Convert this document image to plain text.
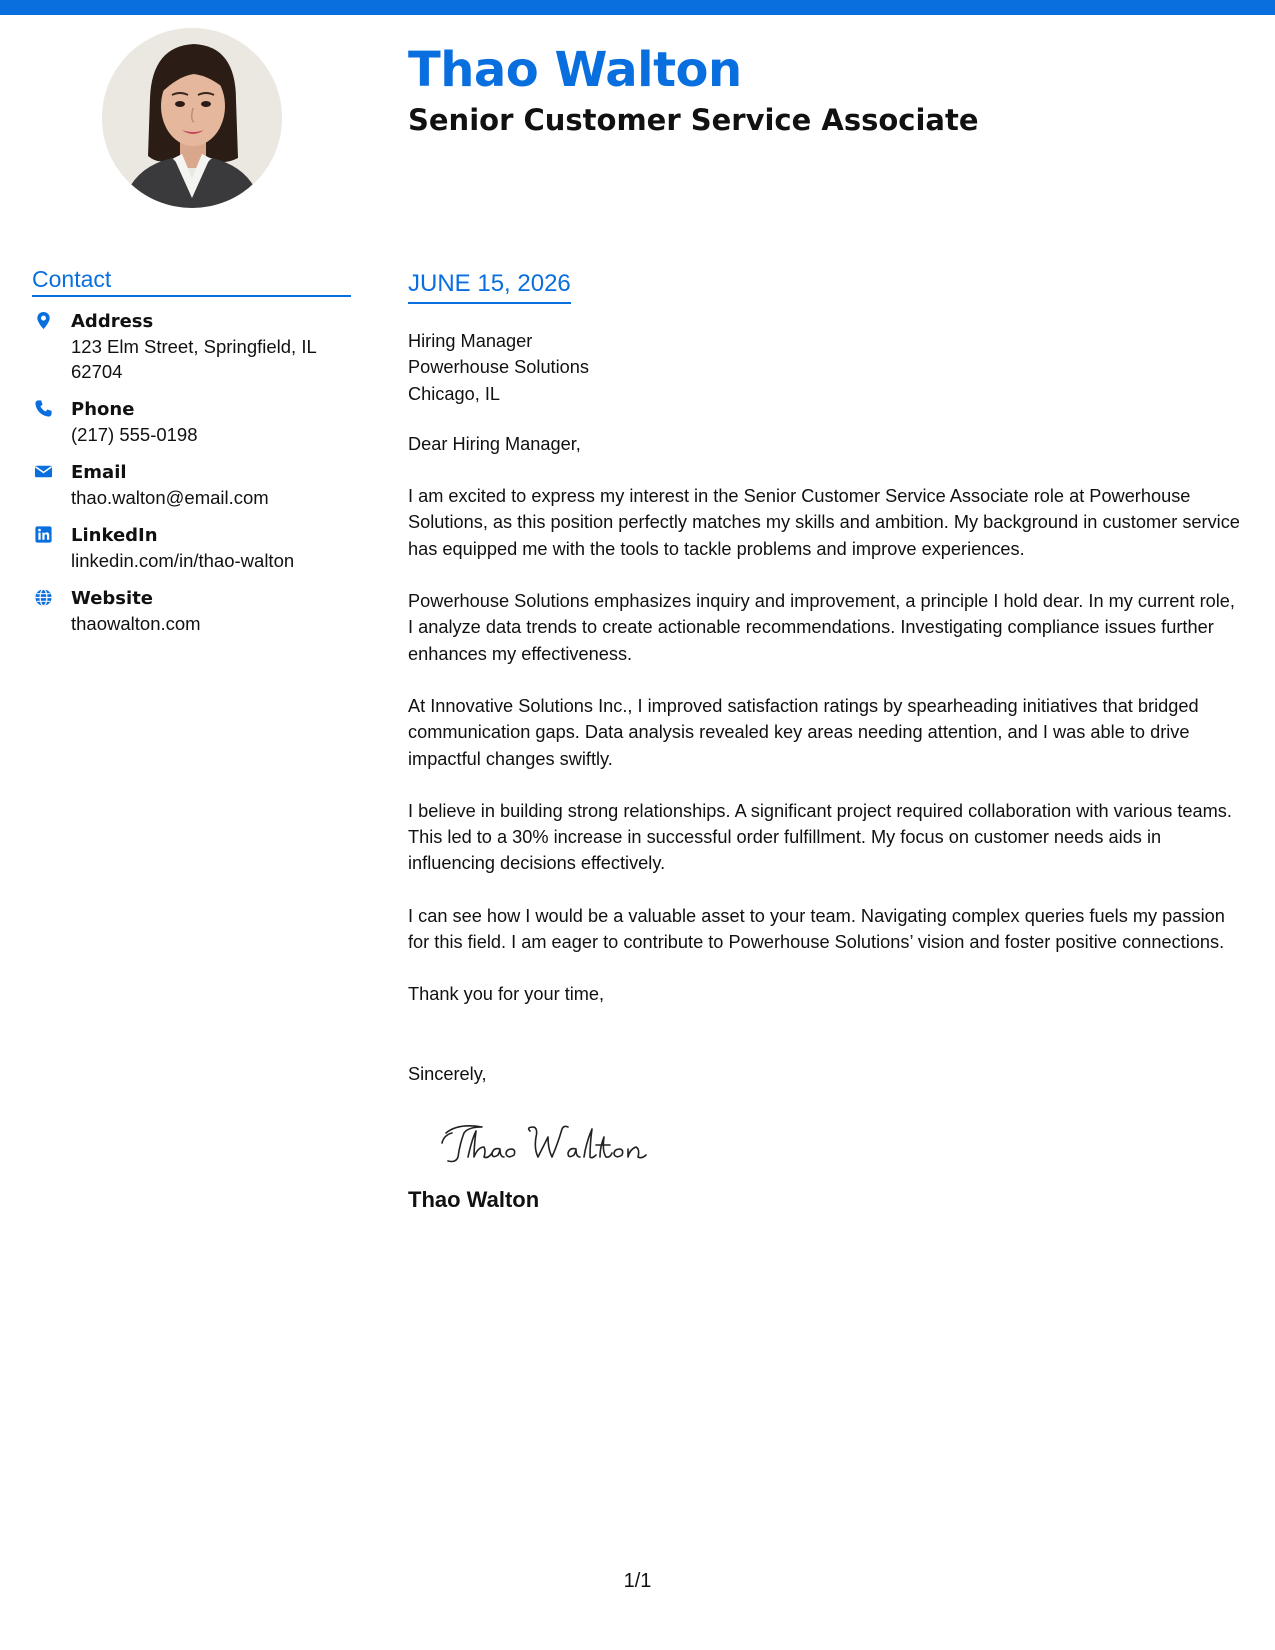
Thao Walton
Senior Customer Service Associate
Contact
Address
123 Elm Street, Springfield, IL 62704
Phone
(217) 555-0198
Email
thao.walton@email.com
LinkedIn
linkedin.com/in/thao-walton
Website
thaowalton.com
JUNE 15, 2026
Hiring Manager
Powerhouse Solutions
Chicago, IL

Dear Hiring Manager,

I am excited to express my interest in the Senior Customer Service Associate role at Powerhouse Solutions, as this position perfectly matches my skills and ambition. My background in customer service has equipped me with the tools to tackle problems and improve experiences.

Powerhouse Solutions emphasizes inquiry and improvement, a principle I hold dear. In my current role, I analyze data trends to create actionable recommendations. Investigating compliance issues further enhances my effectiveness.

At Innovative Solutions Inc., I improved satisfaction ratings by spearheading initiatives that bridged communication gaps. Data analysis revealed key areas needing attention, and I was able to drive impactful changes swiftly.

I believe in building strong relationships. A significant project required collaboration with various teams. This led to a 30% increase in successful order fulfillment. My focus on customer needs aids in influencing decisions effectively.

I can see how I would be a valuable asset to your team. Navigating complex queries fuels my passion for this field. I am eager to contribute to Powerhouse Solutions’ vision and foster positive connections.

Thank you for your time,

Sincerely,

Thao Walton
1/1
